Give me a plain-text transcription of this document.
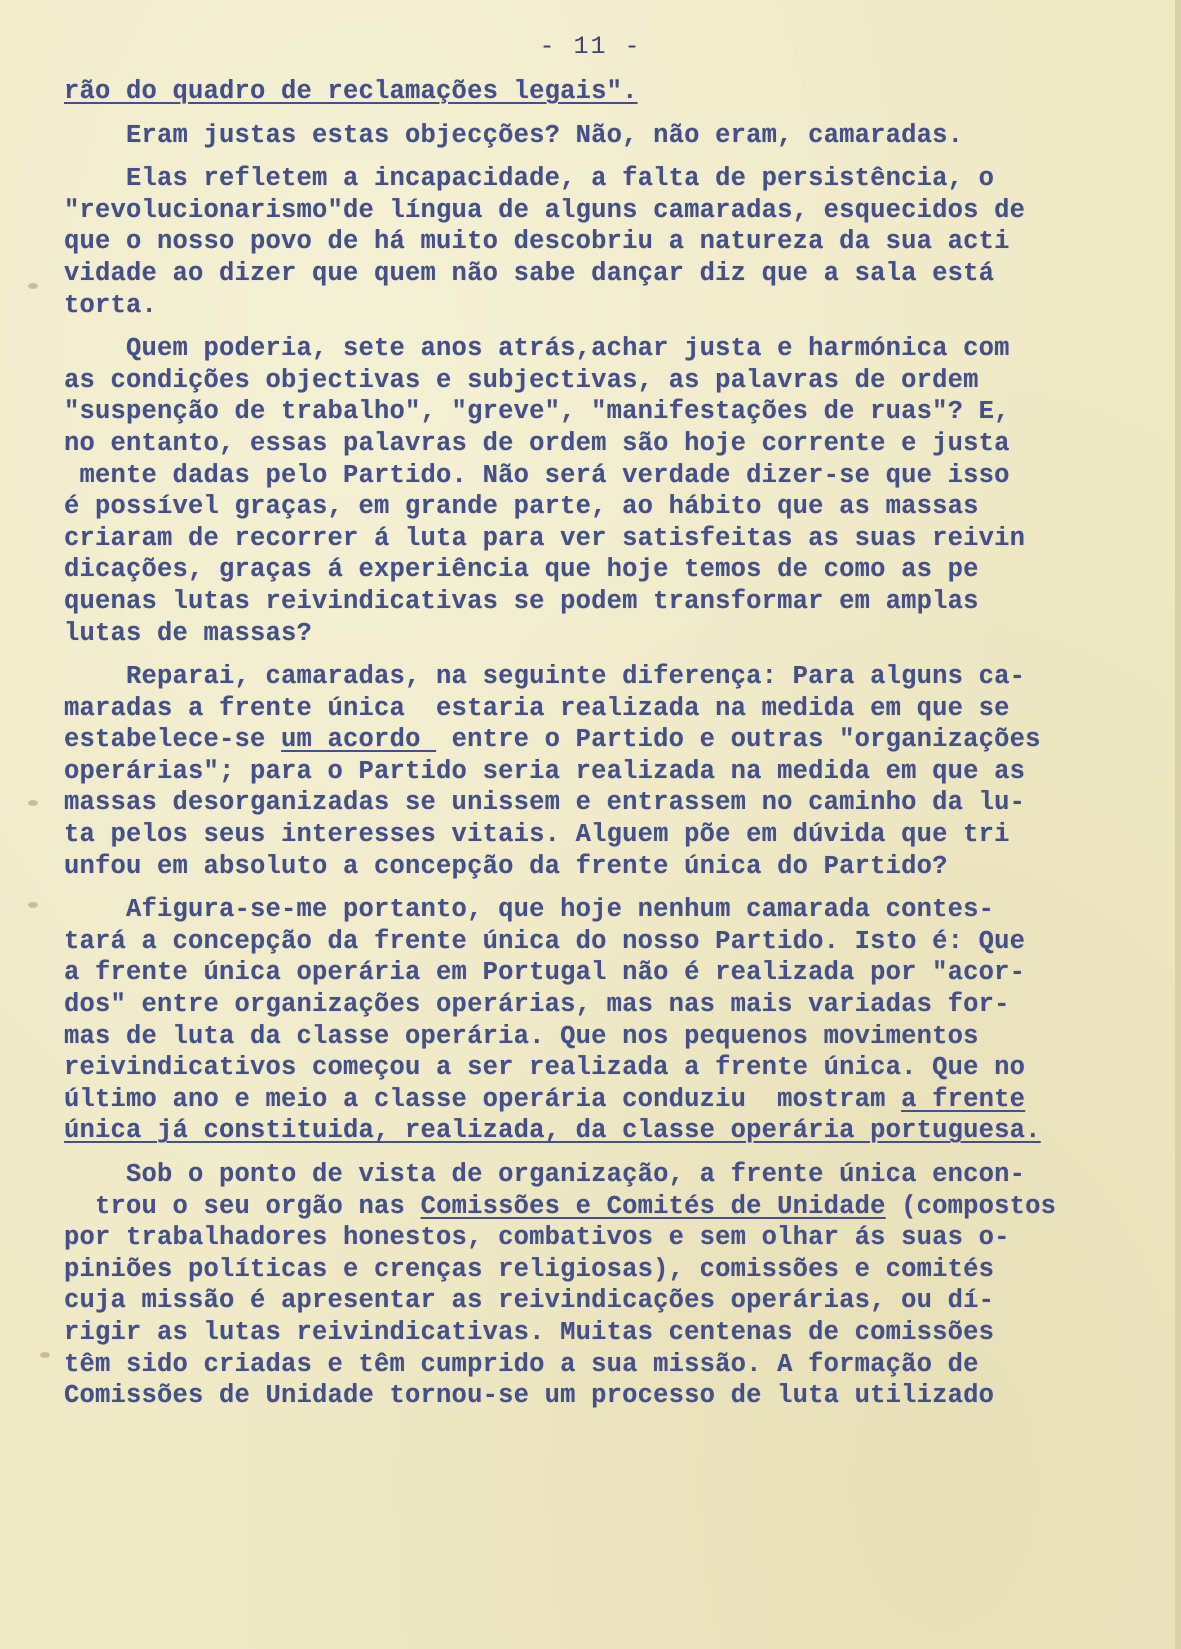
- 11 -
rão do quadro de reclamações legais".
Eram justas estas objecções? Não, não eram, camaradas.
Elas refletem a incapacidade, a falta de persistência, o
"revolucionarismo"de língua de alguns camaradas, esquecidos de
que o nosso povo de há muito descobriu a natureza da sua acti
vidade ao dizer que quem não sabe dançar diz que a sala está
torta.
Quem poderia, sete anos atrás,achar justa e harmónica com
as condições objectivas e subjectivas, as palavras de ordem
"suspenção de trabalho", "greve", "manifestações de ruas"? E,
no entanto, essas palavras de ordem são hoje corrente e justa
mente dadas pelo Partido. Não será verdade dizer-se que isso
é possível graças, em grande parte, ao hábito que as massas
criaram de recorrer á luta para ver satisfeitas as suas reivin
dicações, graças á experiência que hoje temos de como as pe
quenas lutas reivindicativas se podem transformar em amplas
lutas de massas?
Reparai, camaradas, na seguinte diferença: Para alguns ca-
maradas a frente única  estaria realizada na medida em que se
estabelece-se um acordo  entre o Partido e outras "organizações
operárias"; para o Partido seria realizada na medida em que as
massas desorganizadas se unissem e entrassem no caminho da lu-
ta pelos seus interesses vitais. Alguem põe em dúvida que tri
unfou em absoluto a concepção da frente única do Partido?
Afigura-se-me portanto, que hoje nenhum camarada contes-
tará a concepção da frente única do nosso Partido. Isto é: Que
a frente única operária em Portugal não é realizada por "acor-
dos" entre organizações operárias, mas nas mais variadas for-
mas de luta da classe operária. Que nos pequenos movimentos
reivindicativos começou a ser realizada a frente única. Que no
último ano e meio a classe operária conduziu  mostram a frente
única já constituida, realizada, da classe operária portuguesa.
Sob o ponto de vista de organização, a frente única encon-
trou o seu orgão nas Comissões e Comités de Unidade (compostos
por trabalhadores honestos, combativos e sem olhar ás suas o-
piniões políticas e crenças religiosas), comissões e comités
cuja missão é apresentar as reivindicações operárias, ou dí-
rigir as lutas reivindicativas. Muitas centenas de comissões
têm sido criadas e têm cumprido a sua missão. A formação de
Comissões de Unidade tornou-se um processo de luta utilizado
